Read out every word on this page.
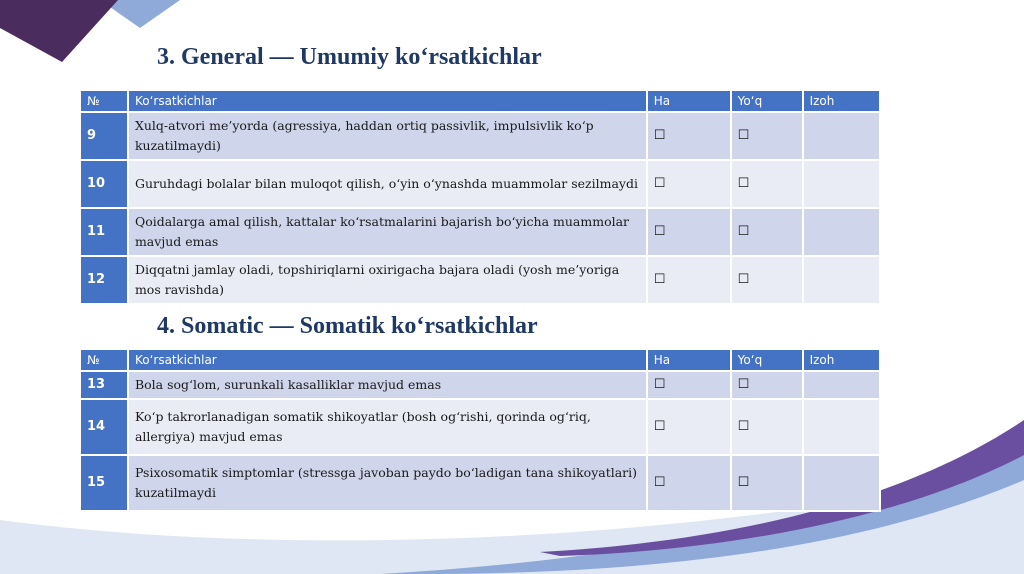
3. General — Umumiy ko‘rsatkichlar
№	Ko‘rsatkichlar	Ha	Yo‘q	Izoh
9	Xulq-atvori me’yorda (agressiya, haddan ortiq passivlik, impulsivlik ko‘p kuzatilmaydi)	☐	☐	
10	Guruhdagi bolalar bilan muloqot qilish, o‘yin o‘ynashda muammolar sezilmaydi	☐	☐	
11	Qoidalarga amal qilish, kattalar ko‘rsatmalarini bajarish bo‘yicha muammolar mavjud emas	☐	☐	
12	Diqqatni jamlay oladi, topshiriqlarni oxirigacha bajara oladi (yosh me’yoriga mos ravishda)	☐	☐	
4. Somatic — Somatik ko‘rsatkichlar
№	Ko‘rsatkichlar	Ha	Yo‘q	Izoh
13	Bola sog‘lom, surunkali kasalliklar mavjud emas	☐	☐	
14	Ko‘p takrorlanadigan somatik shikoyatlar (bosh og‘rishi, qorinda og‘riq, allergiya) mavjud emas	☐	☐	
15	Psixosomatik simptomlar (stressga javoban paydo bo‘ladigan tana shikoyatlari) kuzatilmaydi	☐	☐	
